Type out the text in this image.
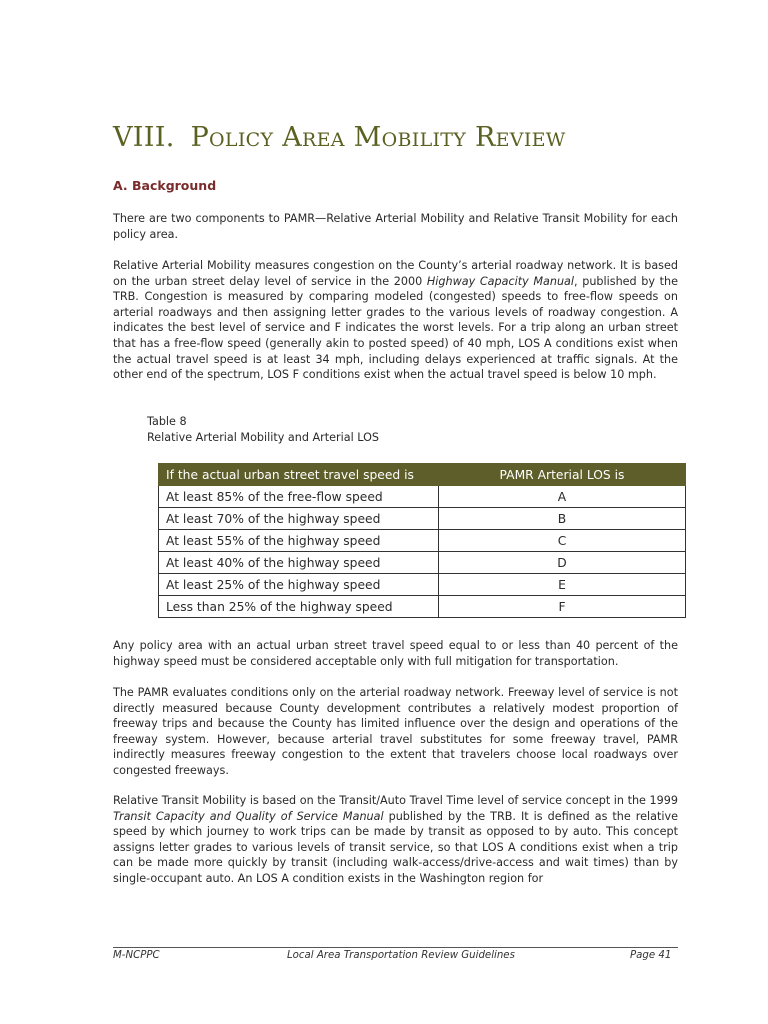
VIII. Policy Area Mobility Review
A. Background
There are two components to PAMR—Relative Arterial Mobility and Relative Transit Mobility for each policy area.
Relative Arterial Mobility measures congestion on the County’s arterial roadway network. It is based on the urban street delay level of service in the 2000 Highway Capacity Manual, published by the TRB. Congestion is measured by comparing modeled (congested) speeds to free-flow speeds on arterial roadways and then assigning letter grades to the various levels of roadway congestion. A indicates the best level of service and F indicates the worst levels. For a trip along an urban street that has a free-flow speed (generally akin to posted speed) of 40 mph, LOS A conditions exist when the actual travel speed is at least 34 mph, including delays experienced at traffic signals. At the other end of the spectrum, LOS F conditions exist when the actual travel speed is below 10 mph.
Table 8
Relative Arterial Mobility and Arterial LOS
If the actual urban street travel speed is	PAMR Arterial LOS is
At least 85% of the free-flow speed	A
At least 70% of the highway speed	B
At least 55% of the highway speed	C
At least 40% of the highway speed	D
At least 25% of the highway speed	E
Less than 25% of the highway speed	F
Any policy area with an actual urban street travel speed equal to or less than 40 percent of the highway speed must be considered acceptable only with full mitigation for transportation.
The PAMR evaluates conditions only on the arterial roadway network. Freeway level of service is not directly measured because County development contributes a relatively modest proportion of freeway trips and because the County has limited influence over the design and operations of the freeway system. However, because arterial travel substitutes for some freeway travel, PAMR indirectly measures freeway congestion to the extent that travelers choose local roadways over congested freeways.
Relative Transit Mobility is based on the Transit/Auto Travel Time level of service concept in the 1999 Transit Capacity and Quality of Service Manual published by the TRB. It is defined as the relative speed by which journey to work trips can be made by transit as opposed to by auto. This concept assigns letter grades to various levels of transit service, so that LOS A conditions exist when a trip can be made more quickly by transit (including walk-access/drive-access and wait times) than by single-occupant auto. An LOS A condition exists in the Washington region for
M-NCPPC	Local Area Transportation Review Guidelines	Page 41
